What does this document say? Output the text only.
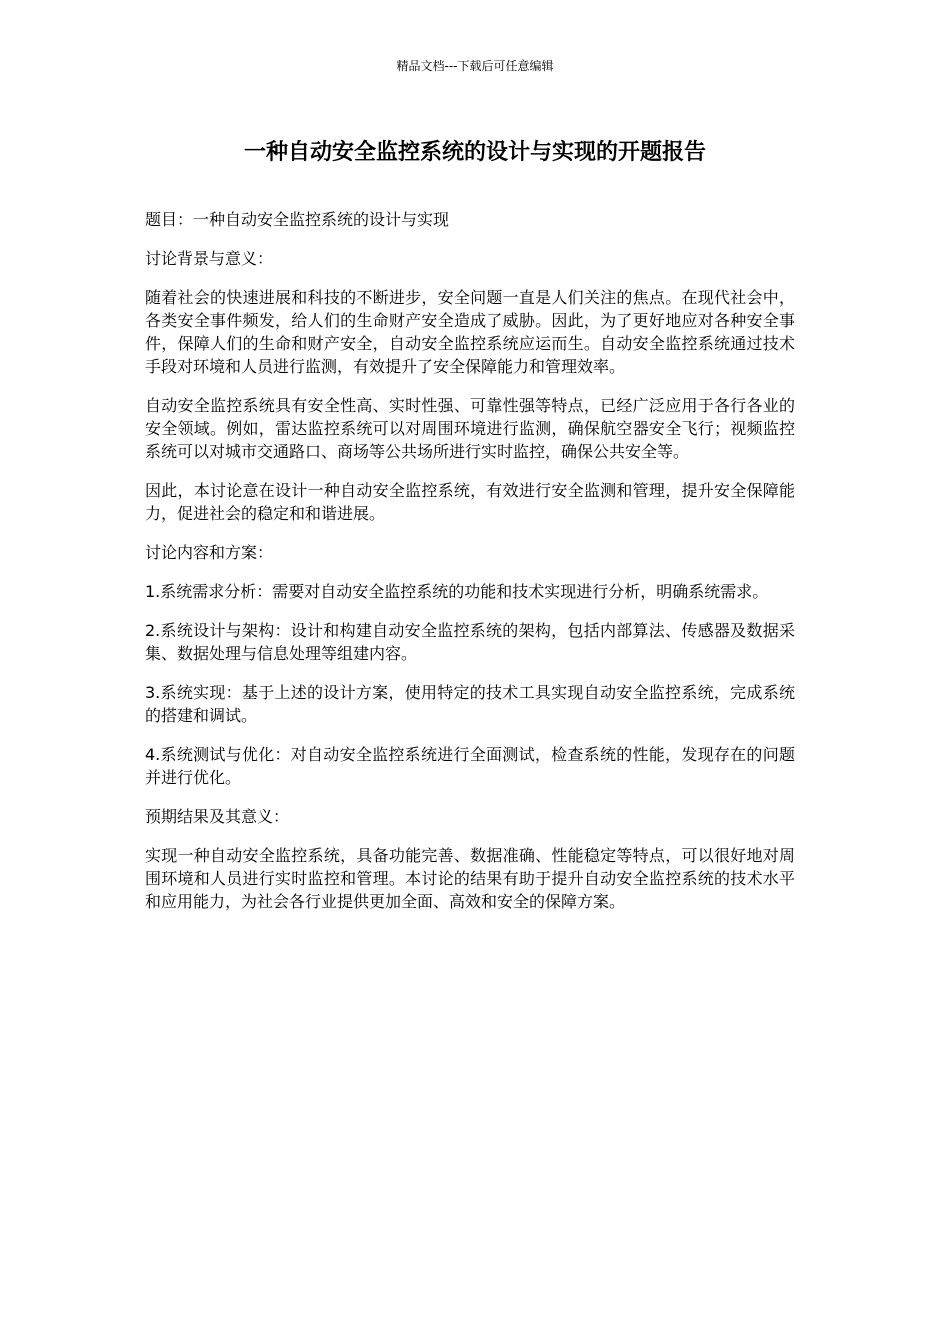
精品文档---下载后可任意编辑
一种自动安全监控系统的设计与实现的开题报告

题目：一种自动安全监控系统的设计与实现

讨论背景与意义：

随着社会的快速进展和科技的不断进步，安全问题一直是人们关注的焦点。在现代社会中，各类安全事件频发，给人们的生命财产安全造成了威胁。因此，为了更好地应对各种安全事件，保障人们的生命和财产安全，自动安全监控系统应运而生。自动安全监控系统通过技术手段对环境和人员进行监测，有效提升了安全保障能力和管理效率。

自动安全监控系统具有安全性高、实时性强、可靠性强等特点，已经广泛应用于各行各业的安全领域。例如，雷达监控系统可以对周围环境进行监测，确保航空器安全飞行；视频监控系统可以对城市交通路口、商场等公共场所进行实时监控，确保公共安全等。

因此，本讨论意在设计一种自动安全监控系统，有效进行安全监测和管理，提升安全保障能力，促进社会的稳定和和谐进展。

讨论内容和方案：

1.系统需求分析：需要对自动安全监控系统的功能和技术实现进行分析，明确系统需求。

2.系统设计与架构：设计和构建自动安全监控系统的架构，包括内部算法、传感器及数据采集、数据处理与信息处理等组建内容。

3.系统实现：基于上述的设计方案，使用特定的技术工具实现自动安全监控系统，完成系统的搭建和调试。

4.系统测试与优化：对自动安全监控系统进行全面测试，检查系统的性能，发现存在的问题并进行优化。

预期结果及其意义：

实现一种自动安全监控系统，具备功能完善、数据准确、性能稳定等特点，可以很好地对周围环境和人员进行实时监控和管理。本讨论的结果有助于提升自动安全监控系统的技术水平和应用能力，为社会各行业提供更加全面、高效和安全的保障方案。
